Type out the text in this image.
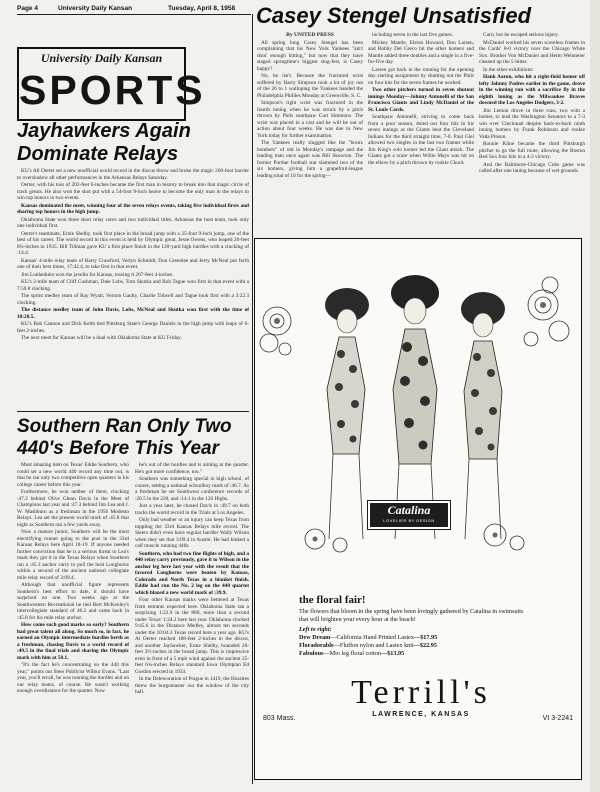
Page 4	University Daily Kansan	Tuesday, April 8, 1958
University Daily Kansan
SPORTS
Jayhawkers Again Dominate Relays

KU's All Oerter set a new unofficial world record in the discus throw and broke the magic 200-foot barrier to overshadow all other performances in the Arkansas Relays Saturday.

Oerter, with his toss of 202-feet 6-inches became the first man in history to break into that magic circle of track greats. He also won the shot put with a 54-foot 9-inch heave to become the only man in the relays to win top honors in two events.

Kansas dominated the meet, winning four of the seven relays events, taking five individual firsts and sharing top honors in the high jump.

Oklahoma State won three short relay races and two individual titles. Arkansas the host team, took only one individual first.

Oerter's teammate, Ernie Shelby, took first place in the broad jump with a 25-foot 9-inch jump, one of the best of his career. The world record in this event is held by Olympic great, Jesse Owens, who leaped 26-feet 8¼-inches in 1935. Bill Tillman gave KU a first place finish in the 120-yard high hurdles with a clocking of :14.4.

Kansas' 4-mile relay team of Barry Crawford, Verlyn Schmidt, Don Greenlee and Jerry McNeal put forth one of their best times, 17:42.4, to take first in that event.

Jim Lonheduhn won the javelin for Kansas, tossing it 207-feet 4-inches.

KU's 2-mile team of Cliff Cushman, Dale Lobs, Tom Skutka and Bob Tague won first in that event with a 7:50.8 clocking.

The sprint medley team of Ray Wyatt, Vernon Gaulty, Charlie Tidwell and Tague took first with a 3:22.3 clocking.

The distance medley team of John Davis, Lobs, McNeal and Skutka won first with the time of 10:28.5.

KU's Bob Cannon and Dick Keith tied Pittsburg State's George Daniels in the high jump with leaps of 6-feet 2-inches.

The next meet for Kansas will be a dual with Oklahoma State at KU Friday.

Southern Ran Only Two 440's Before This Year

Most amazing item on Texas' Eddie Southern, who could set a new world 440 record any time out, is that he ran only two competitive open quarters in his college career before this year.

Furthermore, he won neither of them, clocking :47.2 behind Olive Glenn Davis in the Meet of Champions last year and :47.3 behind Jim Lea and J. W. Mashburn as a freshman in the 1956 Modesto Relays. Lea set the present world mark of :45.8 that night as Southern ran a few yards away.

Now a mature junior, Southern will be the most electrifying runner going to the post in the 33rd Kansas Relays here April 18-19. If anyone needed further conviction that he is a serious threat to Lea's mark they got it in the Texas Relays when Southern ran a :45.3 anchor carry to pull the host Longhorns within a second of the ancient national collegiate mile relay record of 3:09.4.

Although that unofficial figure represents Southern's best effort to date, it should have surprised no one. Two weeks ago at the Southwestern Recreational he tied Bert McKenley's intercollegiate standard of 46.2 and came back in :45.8 for his mile relay anchor.

How come such good marks so early? Southern had great talent all along. So much so, in fact, he earned an Olympic intermediate hurdles berth as a freshman, chasing Davis to a world record of :49.5 in the final trials and sharing the Olympic mark with him at 50.1.

"It's the fact he's concentrating on the 440 this year," points out Steer Publicist Wilbur Evans. "Last year, you'll recall, he was running the hurdles and on our relay teams, of course. He wasn't working enough overdistance for the quarter. Now

he's out of the hurdles and is aiming at the quarter. He's got more confidence, too."

Southern was something special in high school, of course, setting a national schoolboy mark of :46.7. As a freshman he set Southwest conference records of :20.5 in the 220, and :14.1 in the 120 Highs.

Just a year later, he chased Davis in :49.7 on both tracks the world record in the Trials at Los Angeles.

Only bad weather or an injury can keep Texas from toppling the 33rd Kansas Relays mile record. The Steers didn't even have regular hurdler Wally Wilson when they set that 3:09.4 in Austin. He had kinked a calf muscle running 440s.

Southern, who had two fine flights of high, and a 440 relay carry previously, gave it to Wilson in the anchor leg here last year with the result that the favored Longhorns were beaten by Kansas, Colorado and North Texas in a blanket finish. Eddie had run the No. 2 leg on the 440 quartet which blazed a new world mark of :39.9.

Four other Kansas marks were bettered at Texas from entrants expected here. Oklahoma State ran a surprising 1:22.9 in the 880, more than a second under Texas' 1:24.2 here last year. Oklahoma clocked 9:45.6 in the Distance Medley, almost ten seconds under the 10:04.3 Texas record here a year ago. KU's Al Oerter reached 188-feet 2-inches in the discus, and another Jayhawker, Ernie Shelby, bounded 26-feet 3½-inches in the broad jump. This is impressive even in front of a 5 mph wind against the ancient 25-feet 6¾-inches Relays standard Iowa Olympian Ed Gordon erected in 1933.

In the Deleworation of Prague in 1419, the Hussites threw the burgomaster out the window of the city hall.

Casey Stengel Unsatisfied

By UNITED PRESS

All spring long Casey Stengel has been complaining that his New York Yankees "ain't doin' enough hitting," but now that they have staged springtime's biggest slug-fest, is Casey happy?

No, he isn't. Because the fractured wrist suffered by Harry Simpson took a lot of joy out of the 26 to 1 walloping the Yankees handed the Philadelphia Phillies Monday at Greenville, S. C.

Simpson's right wrist was fractured in the fourth inning when he was struck by a pitch thrown by Phils southpaw Curt Simmons. The wrist was placed in a cast and he will be out of action about four weeks. He was due in New York today for further examination.

The Yankees really slugged like the "bronx bombers" of old in Monday's rampage and the leading man once again was Bill Skowron. The former Purdue football star slammed two of the six homers, giving him a grapefruit-league leading total of 10 for the spring—

including seven in the last five games.

Mickey Mantle, Elston Howard, Don Larsen, and Bobby Del Greco hit the other homers and Mantle added three doubles and a single in a five-for-five day.

Larsen got back in the running for the opening day starting assignment by shutting out the Phils on four hits for the seven frames he worked.

Two other pitchers turned in seven shutout innings Monday—Johnny Antonelli of the San Francisco Giants and Lindy McDaniel of the St. Louis Cards.

Southpaw Antonelli, striving to come back from a poor season, doled out four hits in his seven innings as the Giants beat the Cleveland Indians for the third straight time, 7-0. Paul Giel allowed two singles in the last two frames while Jim King's solo homer led the Giant attack. The Giants got a scare when Willie Mays was hit on the elbow by a pitch thrown by rookie Chuck

Curn, but he escaped serious injury.

McDaniel worked his seven scoreless frames in the Cards' 8-0 victory over the Chicago White Sox. Brother Von McDaniel and Herm Wehmeier cleaned up the 5-hitter.

In the other exhibitions:

Hank Aaron, who hit a right-field homer off lefty Johnny Podres earlier in the game, drove in the winning run with a sacrifice fly in the eighth inning as the Milwaukee Braves downed the Los Angeles Dodgers, 3-2.

Jim Lemon drove in three runs, two with a homer, to lead the Washington Senators to a 7-3 win over Cincinnati despite back-to-back ninth inning homers by Frank Robinson and rookie Vada Pinson.

Ronnie Kline became the third Pittsburgh pitcher to go the full route, allowing the Boston Red Sox four hits in a 4-2 victory.

And the Baltimore-Chicago Cubs game was called after one inning because of wet grounds.

Catalina
LOVELIER BY DESIGN
the floral fair!
The flowers that bloom in the spring have been lovingly gathered by Catalina in swimsuits that will brighten your every hour at the beach!
Left to right:
Dew Dream—California Hand Printed Lastex—$17.95
Floradorable—Fluffon nylon and Lastex knit—$22.95
Fabulous—Mio leg floral cotton—$13.95
Terrill's
LAWRENCE, KANSAS
803 Mass.	VI 3-2241
